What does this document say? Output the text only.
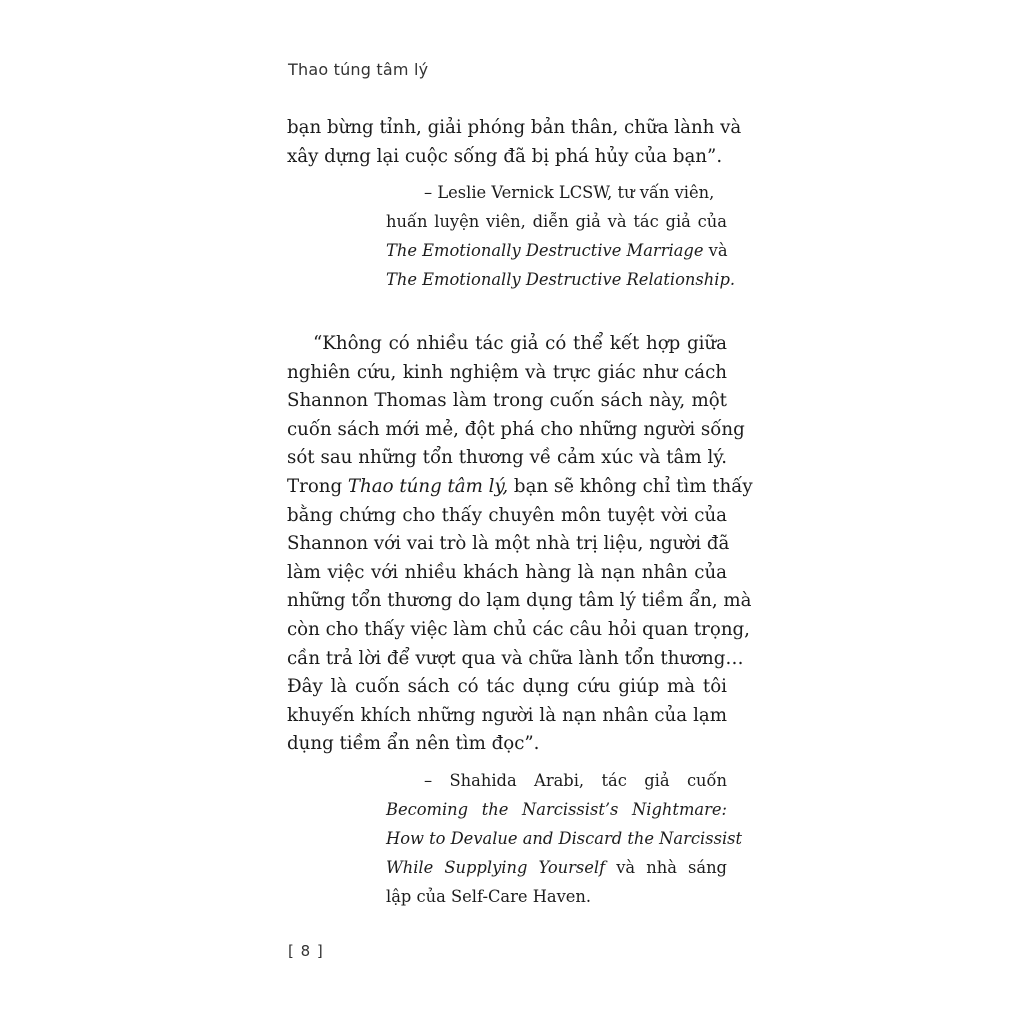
Thao túng tâm lý
bạn bừng tỉnh, giải phóng bản thân, chữa lành và
xây dựng lại cuộc sống đã bị phá hủy của bạn”.
– Leslie Vernick LCSW, tư vấn viên,
huấn luyện viên, diễn giả và tác giả của
The Emotionally Destructive Marriage và
The Emotionally Destructive Relationship.
“Không có nhiều tác giả có thể kết hợp giữa
nghiên cứu, kinh nghiệm và trực giác như cách
Shannon Thomas làm trong cuốn sách này, một
cuốn sách mới mẻ, đột phá cho những người sống
sót sau những tổn thương về cảm xúc và tâm lý.
Trong Thao túng tâm lý, bạn sẽ không chỉ tìm thấy
bằng chứng cho thấy chuyên môn tuyệt vời của
Shannon với vai trò là một nhà trị liệu, người đã
làm việc với nhiều khách hàng là nạn nhân của
những tổn thương do lạm dụng tâm lý tiềm ẩn, mà
còn cho thấy việc làm chủ các câu hỏi quan trọng,
cần trả lời để vượt qua và chữa lành tổn thương…
Đây là cuốn sách có tác dụng cứu giúp mà tôi
khuyến khích những người là nạn nhân của lạm
dụng tiềm ẩn nên tìm đọc”.
– Shahida Arabi, tác giả cuốn
Becoming the Narcissist’s Nightmare:
How to Devalue and Discard the Narcissist
While Supplying Yourself và nhà sáng
lập của Self-Care Haven.
[ 8 ]
